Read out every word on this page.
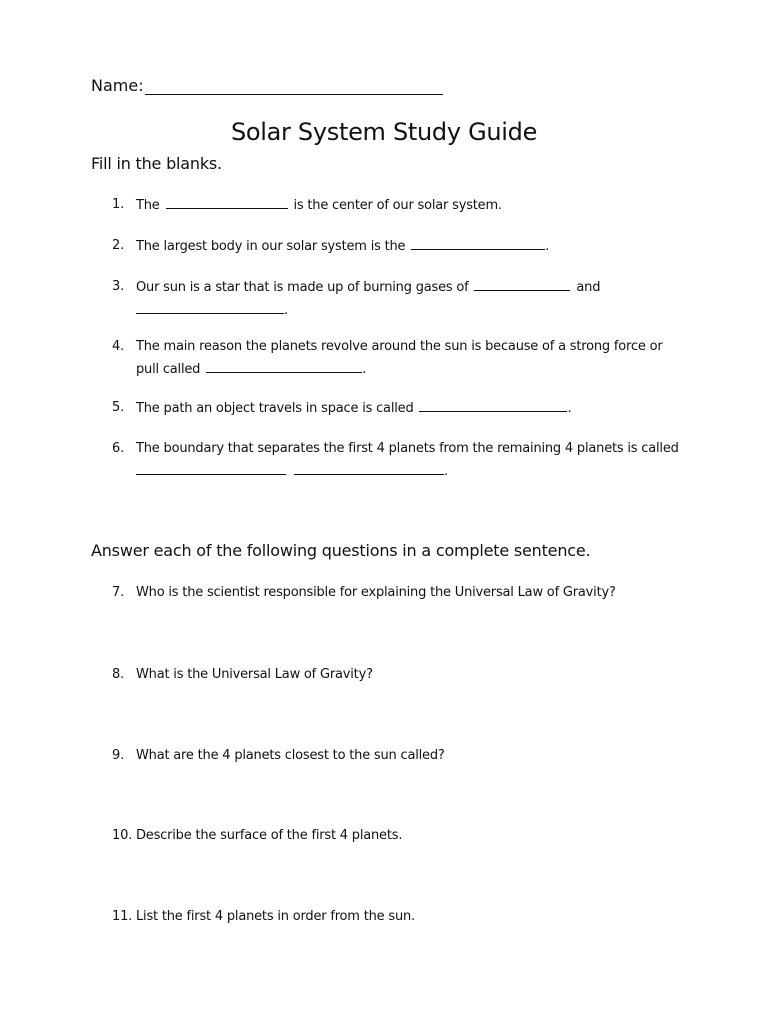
Name:
Solar System Study Guide
Fill in the blanks.
1. The	is the center of our solar system.
2. The largest body in our solar system is the	.
3. Our sun is a star that is made up of burning gases of	and
.
4. The main reason the planets revolve around the sun is because of a strong force or
pull called	.
5. The path an object travels in space is called	.
6. The boundary that separates the first 4 planets from the remaining 4 planets is called
.
Answer each of the following questions in a complete sentence.
7. Who is the scientist responsible for explaining the Universal Law of Gravity?
8. What is the Universal Law of Gravity?
9. What are the 4 planets closest to the sun called?
10. Describe the surface of the first 4 planets.
11. List the first 4 planets in order from the sun.
